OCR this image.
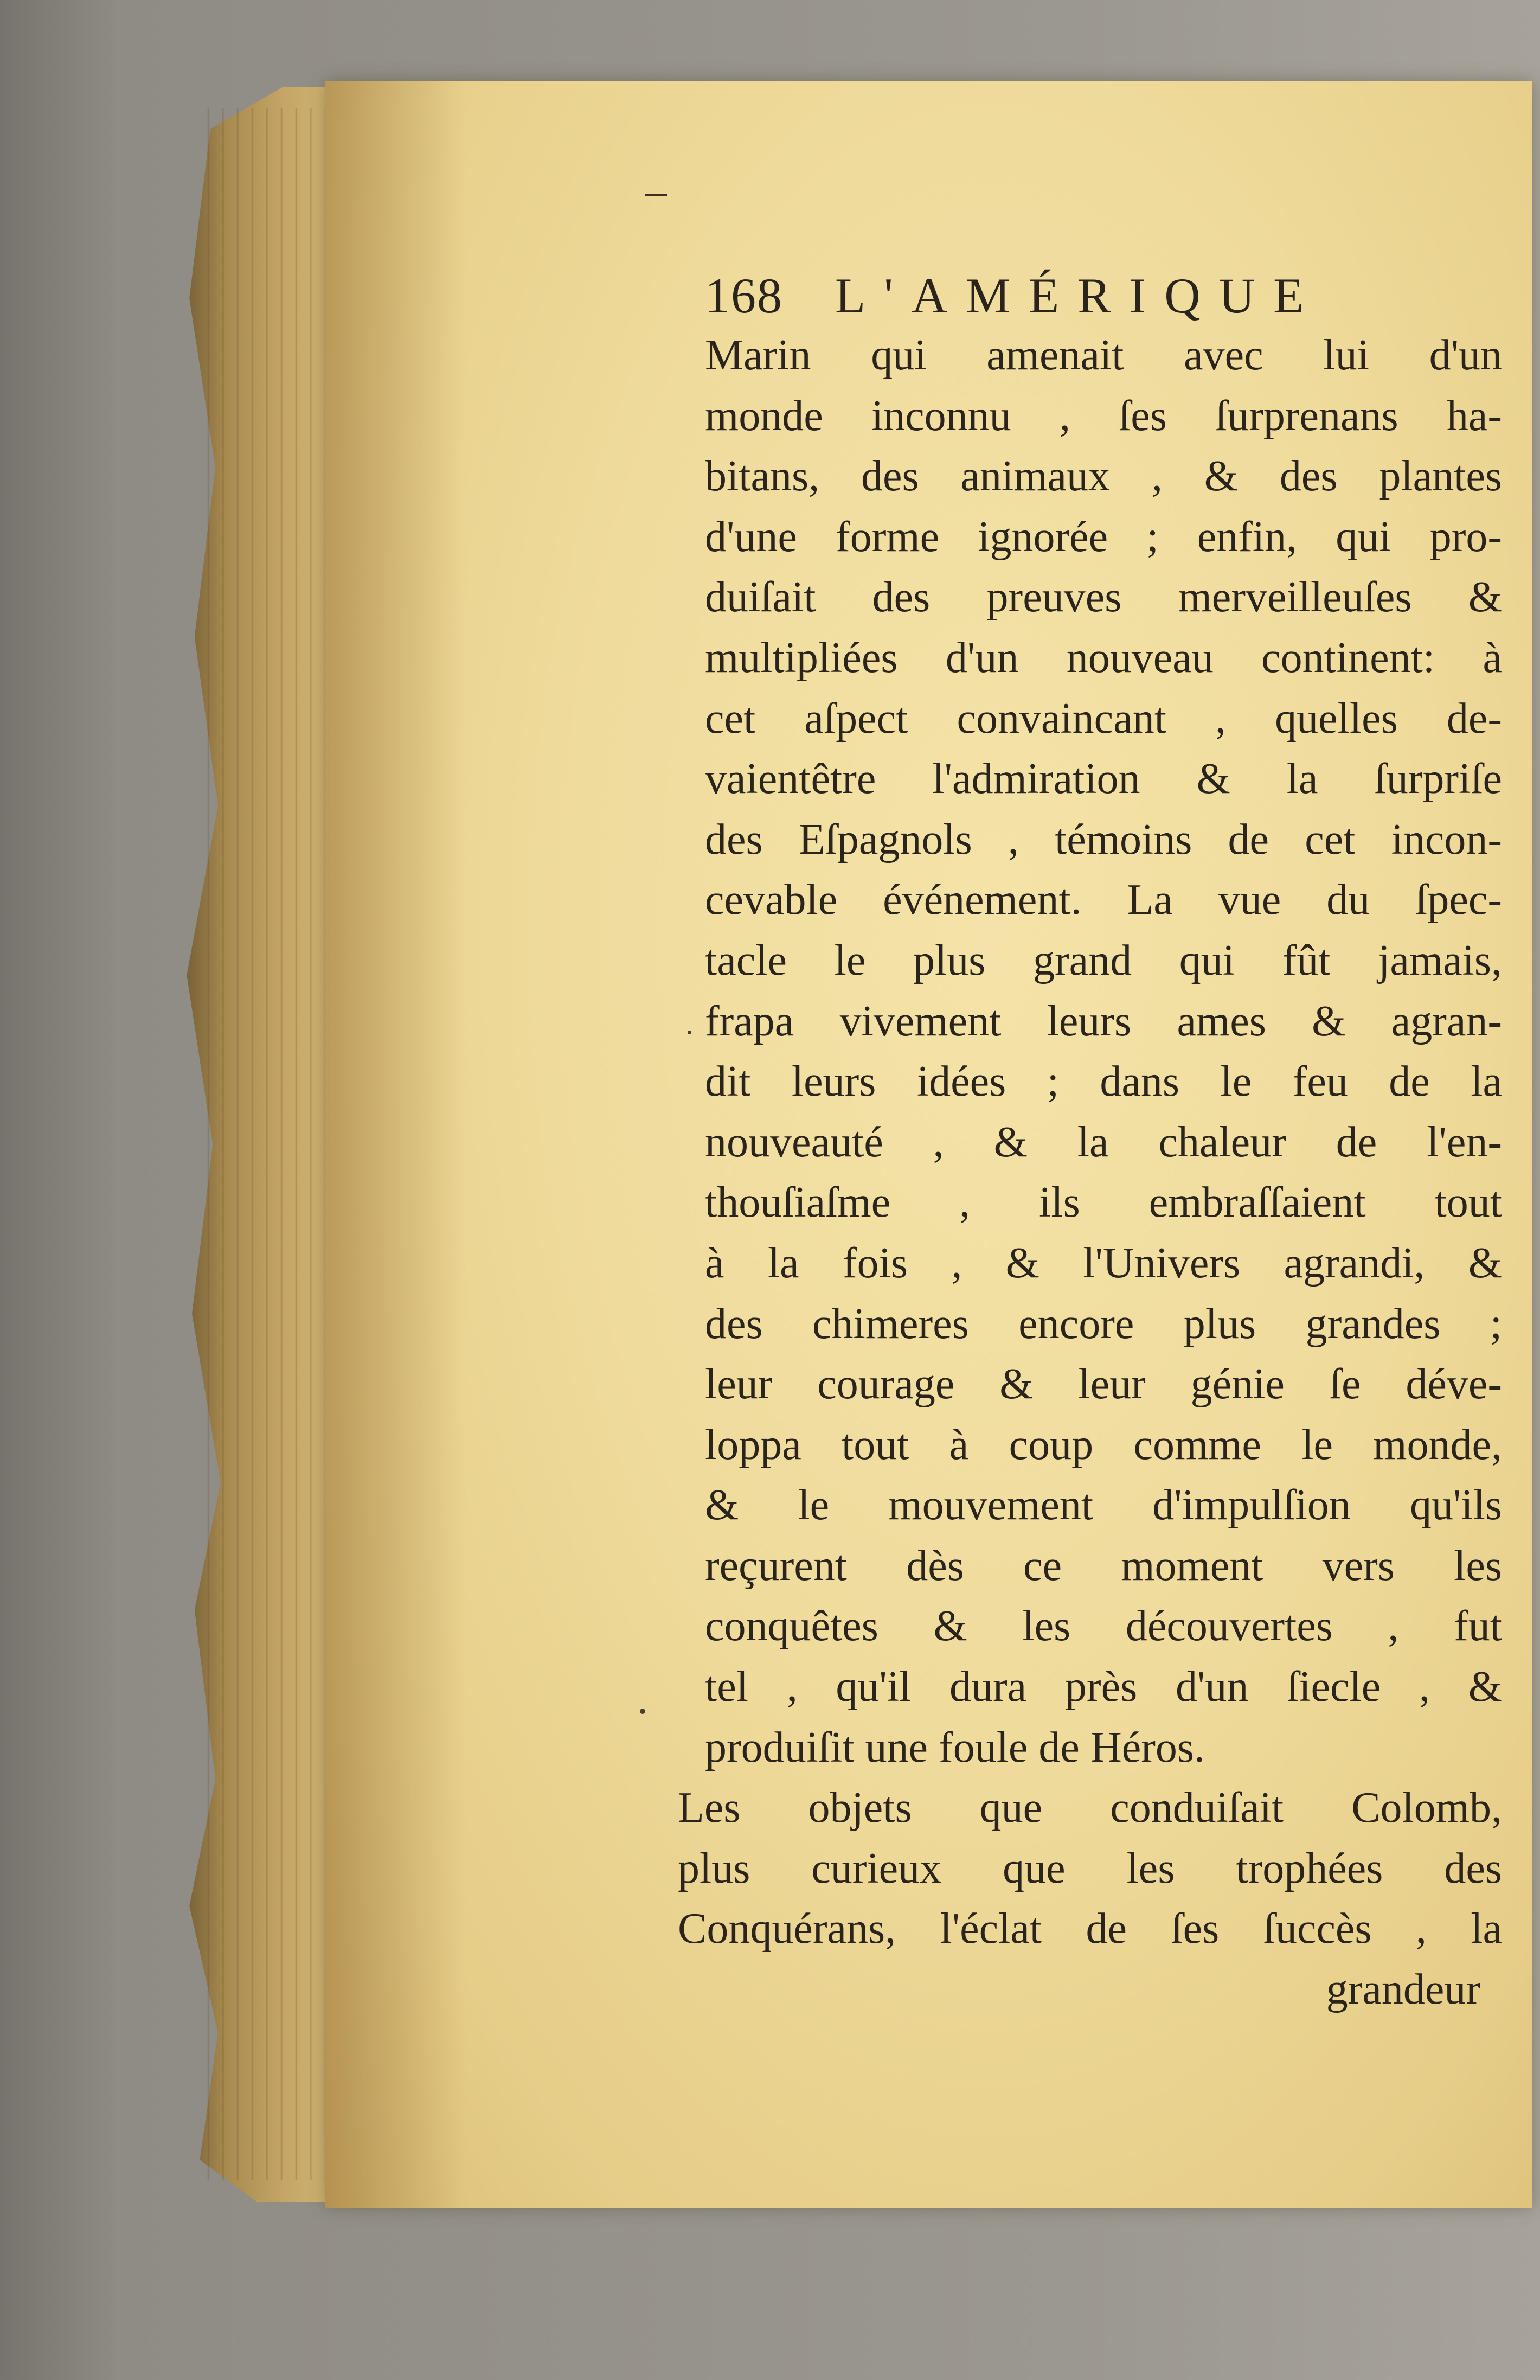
168	L'AMÉRIQUE
Marin qui amenait avec lui d'un
monde inconnu , ſes ſurprenans ha-
bitans, des animaux , & des plantes
d'une forme ignorée ; enfin, qui pro-
duiſait des preuves merveilleuſes &
multipliées d'un nouveau continent: à
cet aſpect convaincant , quelles de-
vaientêtre l'admiration & la ſurpriſe
des Eſpagnols , témoins de cet incon-
cevable événement. La vue du ſpec-
tacle le plus grand qui fût jamais,
frapa vivement leurs ames & agran-
dit leurs idées ; dans le feu de la
nouveauté , & la chaleur de l'en-
thouſiaſme , ils embraſſaient tout
à la fois , & l'Univers agrandi, &
des chimeres encore plus grandes ;
leur courage & leur génie ſe déve-
loppa tout à coup comme le monde,
& le mouvement d'impulſion qu'ils
reçurent dès ce moment vers les
conquêtes & les découvertes , fut
tel , qu'il dura près d'un ſiecle , &
produiſit une foule de Héros.
Les objets que conduiſait Colomb,
plus curieux que les trophées des
Conquérans, l'éclat de ſes ſuccès , la
grandeur
